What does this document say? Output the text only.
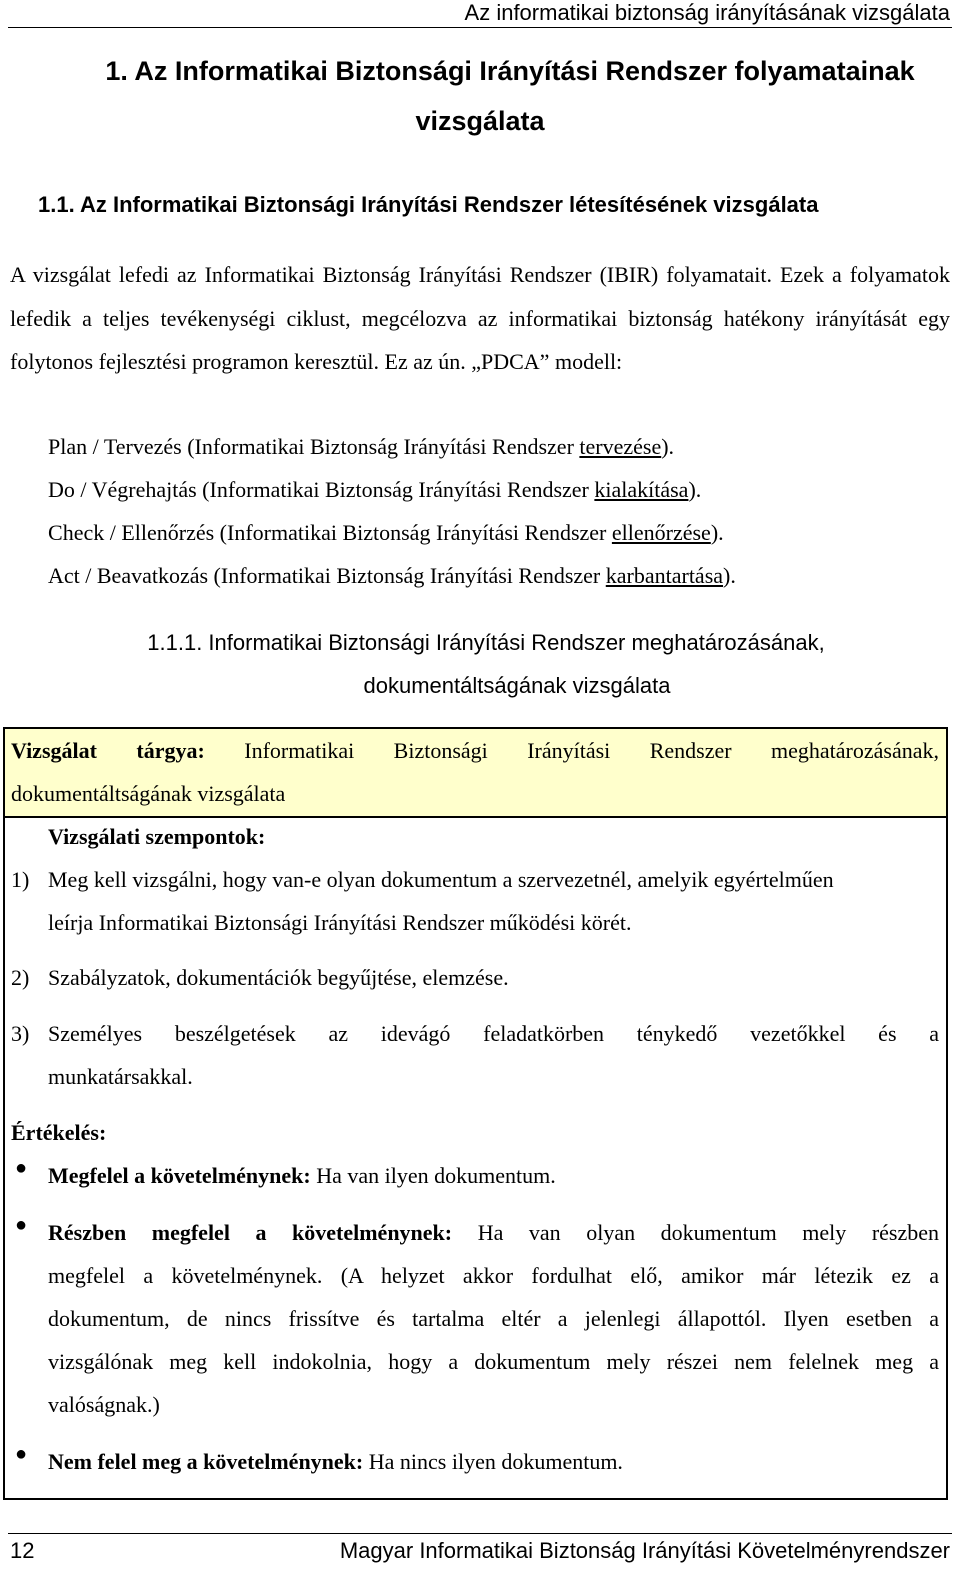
Az informatikai biztonság irányításának vizsgálata
1. Az Informatikai Biztonsági Irányítási Rendszer folyamatainak
vizsgálata
1.1. Az Informatikai Biztonsági Irányítási Rendszer létesítésének vizsgálata
A vizsgálat lefedi az Informatikai Biztonság Irányítási Rendszer (IBIR) folyamatait. Ezek a folyamatok lefedik a teljes tevékenységi ciklust, megcélozva az informatikai biztonság hatékony irányítását egy folytonos fejlesztési programon keresztül. Ez az ún. „PDCA” modell:
Plan / Tervezés (Informatikai Biztonság Irányítási Rendszer tervezése).
Do / Végrehajtás (Informatikai Biztonság Irányítási Rendszer kialakítása).
Check / Ellenőrzés (Informatikai Biztonság Irányítási Rendszer ellenőrzése).
Act / Beavatkozás (Informatikai Biztonság Irányítási Rendszer karbantartása).
1.1.1. Informatikai Biztonsági Irányítási Rendszer meghatározásának,
dokumentáltságának vizsgálata
Vizsgálat tárgya: Informatikai Biztonsági Irányítási Rendszer meghatározásának,
dokumentáltságának vizsgálata
Vizsgálati szempontok:
1) Meg kell vizsgálni, hogy van-e olyan dokumentum a szervezetnél, amelyik egyértelműen
leírja Informatikai Biztonsági Irányítási Rendszer működési körét.
2) Szabályzatok, dokumentációk begyűjtése, elemzése.
3) Személyes beszélgetések az idevágó feladatkörben ténykedő vezetőkkel és a
munkatársakkal.
Értékelés:
● Megfelel a követelménynek: Ha van ilyen dokumentum.
● Részben megfelel a követelménynek: Ha van olyan dokumentum mely részben
megfelel a követelménynek. (A helyzet akkor fordulhat elő, amikor már létezik ez a
dokumentum, de nincs frissítve és tartalma eltér a jelenlegi állapottól. Ilyen esetben a
vizsgálónak meg kell indokolnia, hogy a dokumentum mely részei nem felelnek meg a
valóságnak.)
● Nem felel meg a követelménynek: Ha nincs ilyen dokumentum.
12	Magyar Informatikai Biztonság Irányítási Követelményrendszer
